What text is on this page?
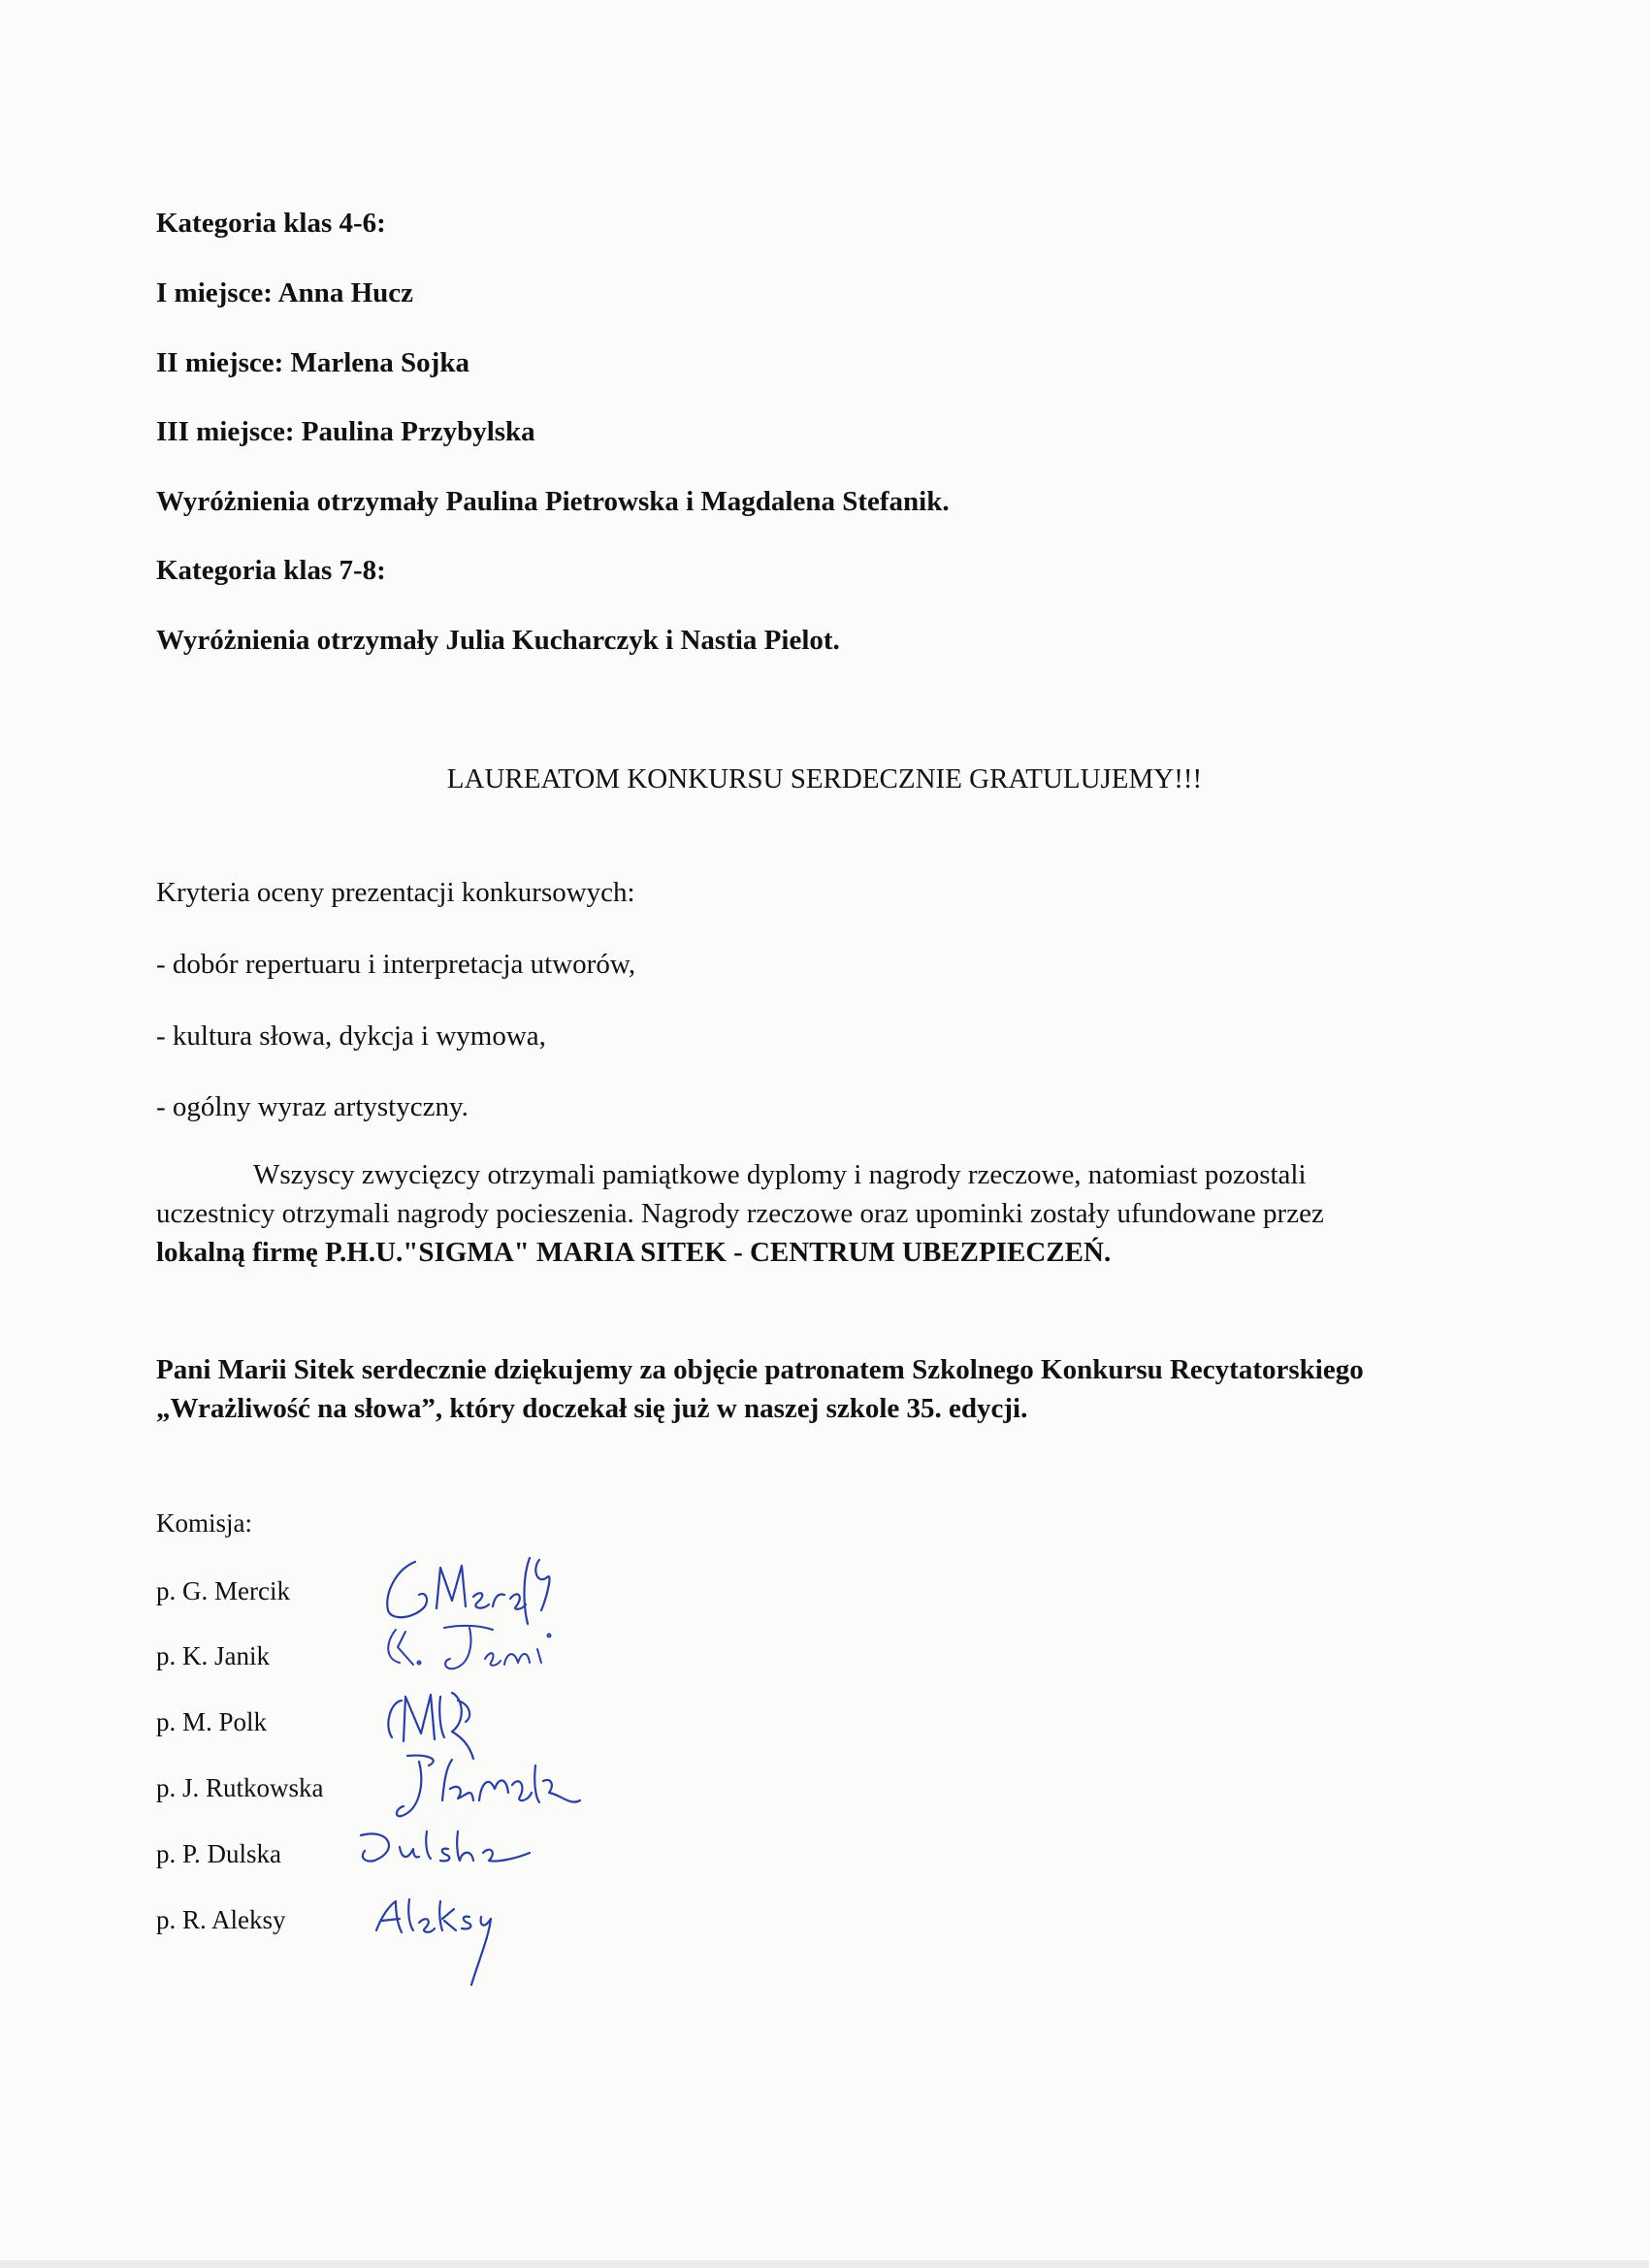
Kategoria klas 4-6:
I miejsce: Anna Hucz
II miejsce: Marlena Sojka
III miejsce: Paulina Przybylska
Wyróżnienia otrzymały Paulina Pietrowska i Magdalena Stefanik.
Kategoria klas 7-8:
Wyróżnienia otrzymały Julia Kucharczyk i Nastia Pielot.
LAUREATOM KONKURSU SERDECZNIE GRATULUJEMY!!!
Kryteria oceny prezentacji konkursowych:
- dobór repertuaru i interpretacja utworów,
- kultura słowa, dykcja i wymowa,
- ogólny wyraz artystyczny.
Wszyscy zwycięzcy otrzymali pamiątkowe dyplomy i nagrody rzeczowe, natomiast pozostali uczestnicy otrzymali nagrody pocieszenia. Nagrody rzeczowe oraz upominki zostały ufundowane przez lokalną firmę P.H.U."SIGMA" MARIA SITEK - CENTRUM UBEZPIECZEŃ.
Pani Marii Sitek serdecznie dziękujemy za objęcie patronatem Szkolnego Konkursu Recytatorskiego „Wrażliwość na słowa”, który doczekał się już w naszej szkole 35. edycji.
Komisja:
p. G. Mercik
p. K. Janik
p. M. Polk
p. J. Rutkowska
p. P. Dulska
p. R. Aleksy
